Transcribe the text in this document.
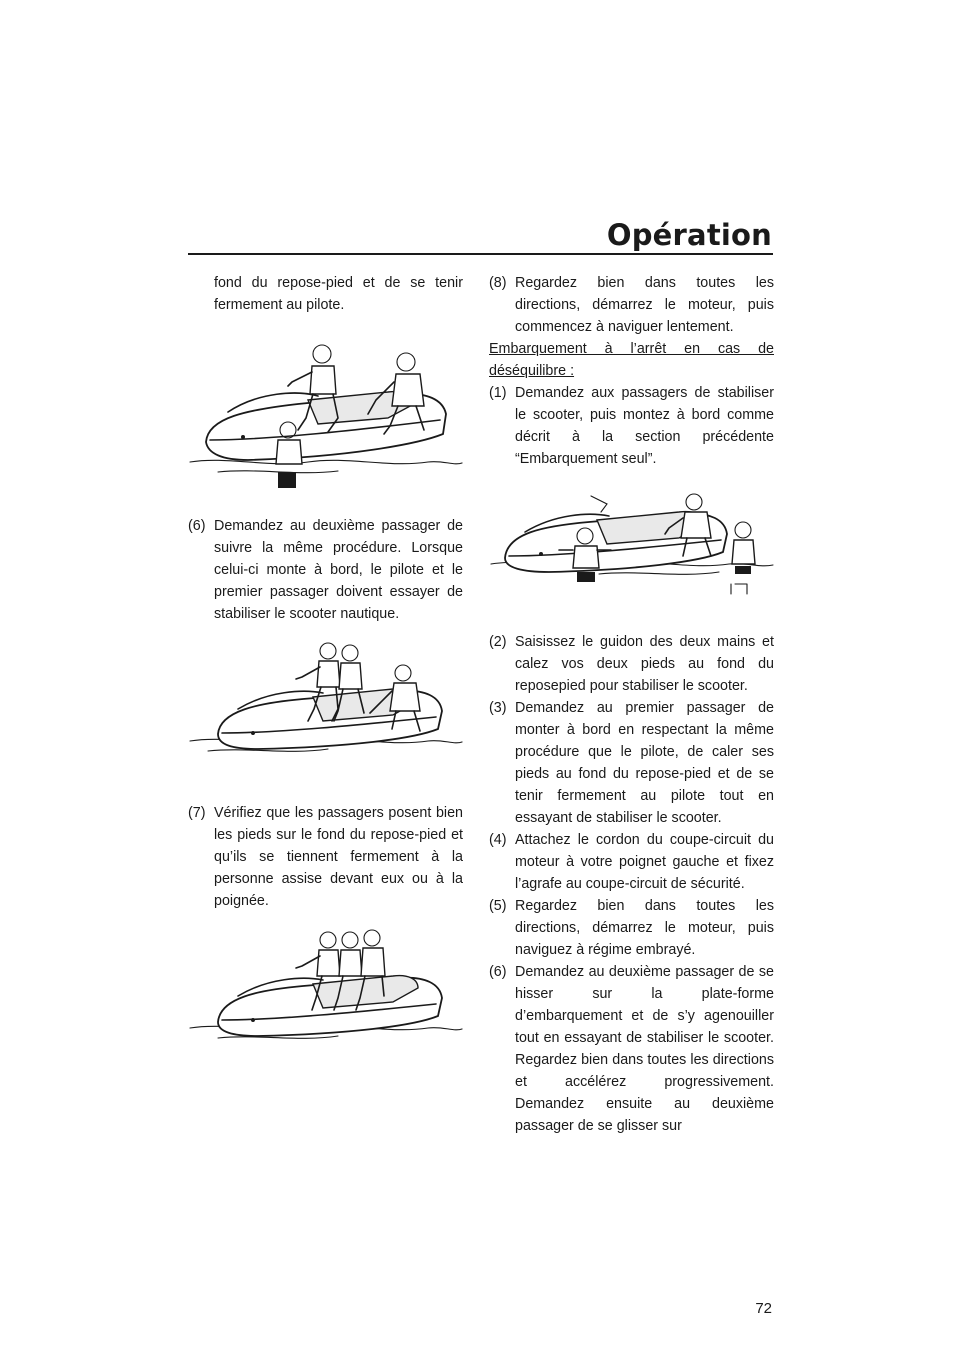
Opération

fond du repose-pied et de se tenir fermement au pilote.

(6) Demandez au deuxième passager de suivre la même procédure. Lorsque celui-ci monte à bord, le pilote et le premier passager doivent essayer de stabiliser le scooter nautique.
(7) Vérifiez que les passagers posent bien les pieds sur le fond du repose-pied et qu’ils se tiennent fermement à la personne assise devant eux ou à la poignée.
(8) Regardez bien dans toutes les directions, démarrez le moteur, puis commencez à naviguer lentement.

Embarquement à l’arrêt en cas de

déséquilibre :

(1) Demandez aux passagers de stabiliser le scooter, puis montez à bord comme décrit à la section précédente “Embarquement seul”.
(2) Saisissez le guidon des deux mains et calez vos deux pieds au fond du reposepied pour stabiliser le scooter.
(3) Demandez au premier passager de monter à bord en respectant la même procédure que le pilote, de caler ses pieds au fond du repose-pied et de se tenir fermement au pilote tout en essayant de stabiliser le scooter.
(4) Attachez le cordon du coupe-circuit du moteur à votre poignet gauche et fixez l’agrafe au coupe-circuit de sécurité.
(5) Regardez bien dans toutes les directions, démarrez le moteur, puis naviguez à régime embrayé.
(6) Demandez au deuxième passager de se hisser sur la plate-forme d’embarquement et de s’y agenouiller tout en essayant de stabiliser le scooter. Regardez bien dans toutes les directions et accélérez progressivement. Demandez ensuite au deuxième passager de se glisser sur
72
